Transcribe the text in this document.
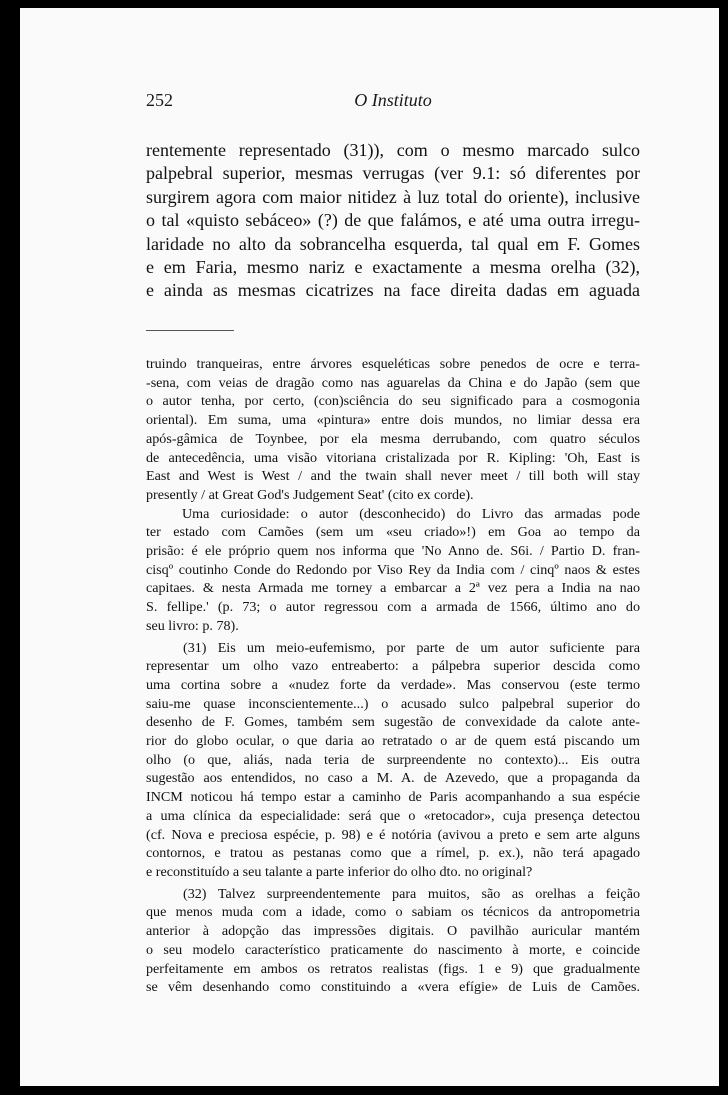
252	O Instituto
rentemente representado (31)), com o mesmo marcado sulco
palpebral superior, mesmas verrugas (ver 9.1: só diferentes por
surgirem agora com maior nitidez à luz total do oriente), inclusive
o tal «quisto sebáceo» (?) de que falámos, e até uma outra irregu-
laridade no alto da sobrancelha esquerda, tal qual em F. Gomes
e em Faria, mesmo nariz e exactamente a mesma orelha (32),
e ainda as mesmas cicatrizes na face direita dadas em aguada
truindo tranqueiras, entre árvores esqueléticas sobre penedos de ocre e terra-
-sena, com veias de dragão como nas aguarelas da China e do Japão (sem que
o autor tenha, por certo, (con)sciência do seu significado para a cosmogonia
oriental). Em suma, uma «pintura» entre dois mundos, no limiar dessa era
após-gâmica de Toynbee, por ela mesma derrubando, com quatro séculos
de antecedência, uma visão vitoriana cristalizada por R. Kipling: 'Oh, East is
East and West is West / and the twain shall never meet / till both will stay
presently / at Great God's Judgement Seat' (cito ex corde).
Uma curiosidade: o autor (desconhecido) do Livro das armadas pode
ter estado com Camões (sem um «seu criado»!) em Goa ao tempo da
prisão: é ele próprio quem nos informa que 'No Anno de. S6i. / Partio D. fran-
cisqº coutinho Conde do Redondo por Viso Rey da India com / cinqº naos & estes
capitaes. & nesta Armada me torney a embarcar a 2ª vez pera a India na nao
S. fellipe.' (p. 73; o autor regressou com a armada de 1566, último ano do
seu livro: p. 78).
(31) Eis um meio-eufemismo, por parte de um autor suficiente para
representar um olho vazo entreaberto: a pálpebra superior descida como
uma cortina sobre a «nudez forte da verdade». Mas conservou (este termo
saiu-me quase inconscientemente...) o acusado sulco palpebral superior do
desenho de F. Gomes, também sem sugestão de convexidade da calote ante-
rior do globo ocular, o que daria ao retratado o ar de quem está piscando um
olho (o que, aliás, nada teria de surpreendente no contexto)... Eis outra
sugestão aos entendidos, no caso a M. A. de Azevedo, que a propaganda da
INCM noticou há tempo estar a caminho de Paris acompanhando a sua espécie
a uma clínica da especialidade: será que o «retocador», cuja presença detectou
(cf. Nova e preciosa espécie, p. 98) e é notória (avivou a preto e sem arte alguns
contornos, e tratou as pestanas como que a rímel, p. ex.), não terá apagado
e reconstituído a seu talante a parte inferior do olho dto. no original?
(32) Talvez surpreendentemente para muitos, são as orelhas a feição
que menos muda com a idade, como o sabiam os técnicos da antropometria
anterior à adopção das impressões digitais. O pavilhão auricular mantém
o seu modelo característico praticamente do nascimento à morte, e coincide
perfeitamente em ambos os retratos realistas (figs. 1 e 9) que gradualmente
se vêm desenhando como constituindo a «vera efígie» de Luis de Camões.
